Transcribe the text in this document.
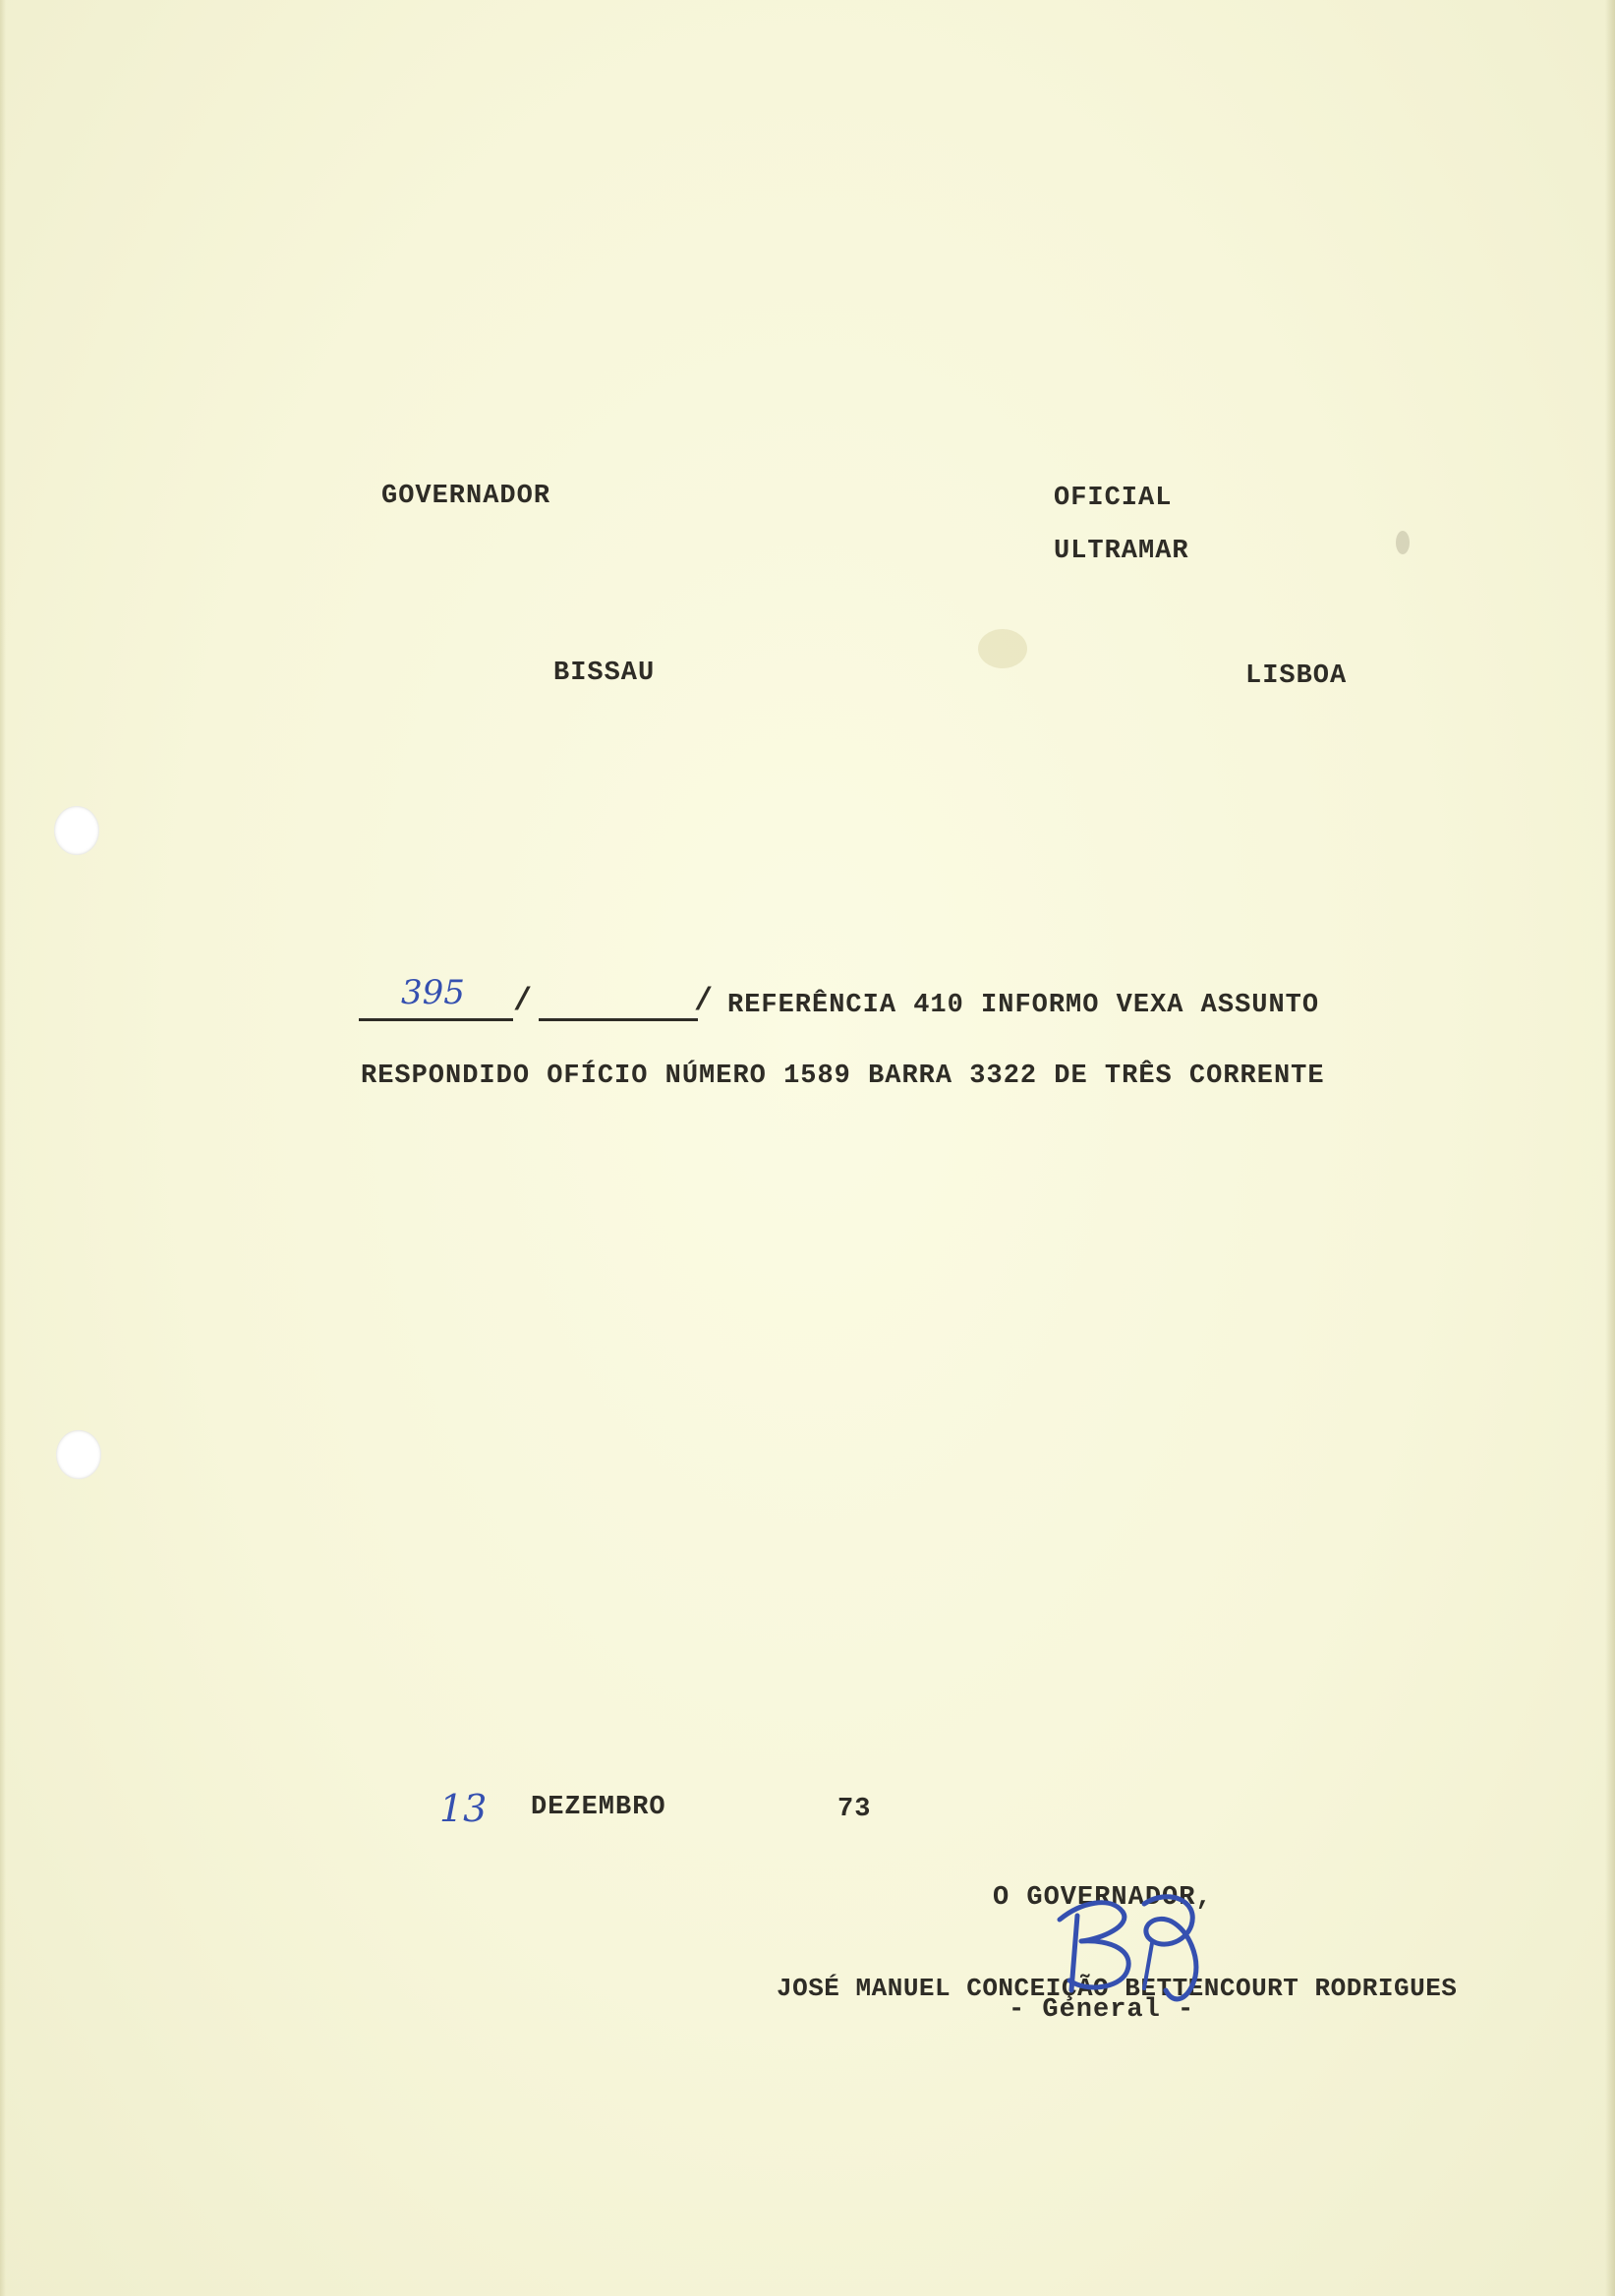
GOVERNADOR
BISSAU
OFICIAL
ULTRAMAR
LISBOA
395 /	/ REFERÊNCIA 410 INFORMO VEXA ASSUNTO
RESPONDIDO OFÍCIO NÚMERO 1589 BARRA 3322 DE TRÊS CORRENTE
13 DEZEMBRO	73
O GOVERNADOR,
JOSÉ MANUEL CONCEIÇÃO BETTENCOURT RODRIGUES
- General -
